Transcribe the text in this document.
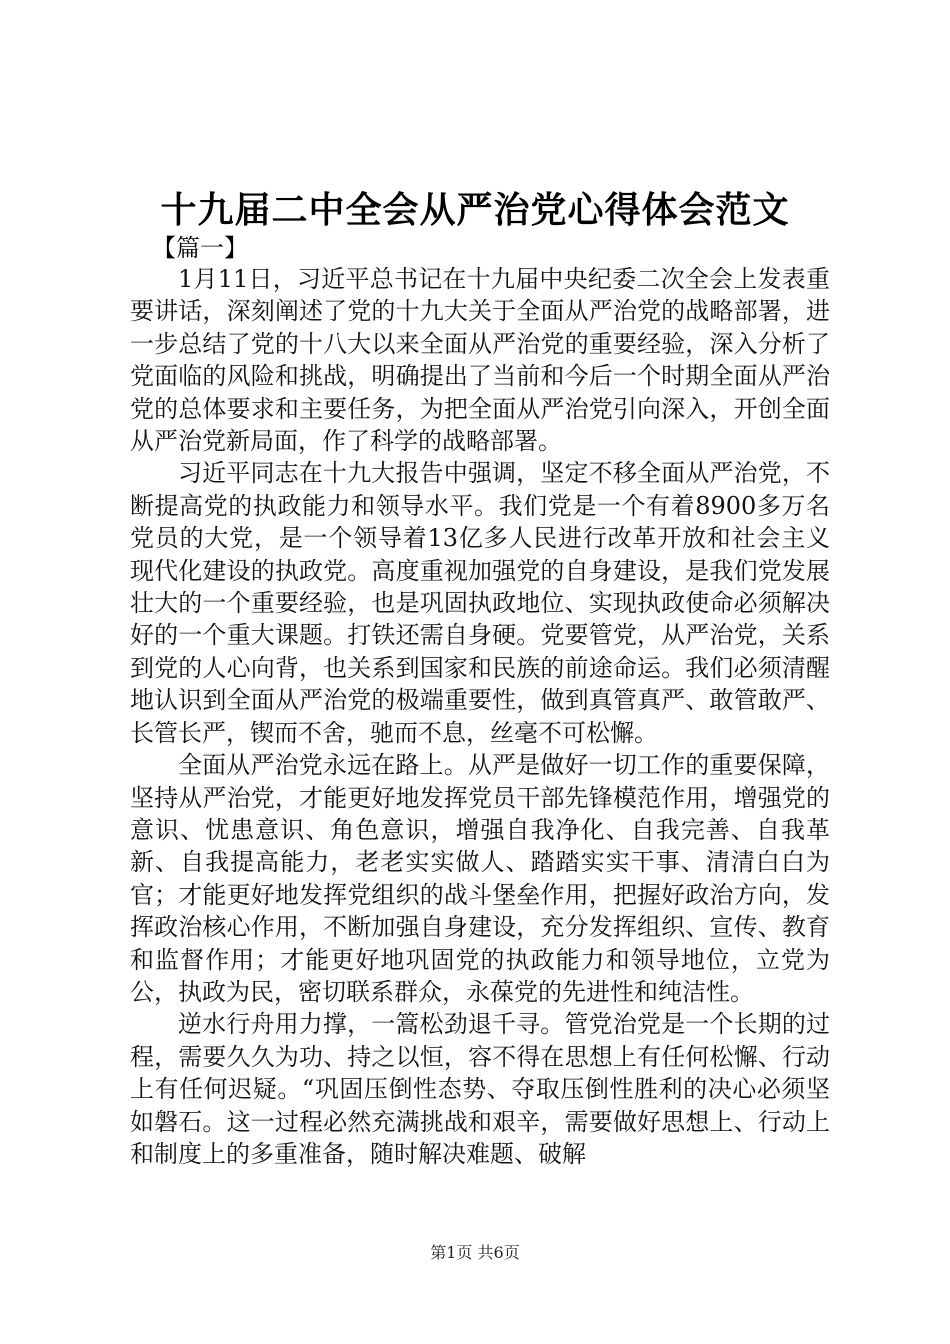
十九届二中全会从严治党心得体会范文
【篇一】

1月11日，习近平总书记在十九届中央纪委二次全会上发表重要讲话，深刻阐述了党的十九大关于全面从严治党的战略部署，进一步总结了党的十八大以来全面从严治党的重要经验，深入分析了党面临的风险和挑战，明确提出了当前和今后一个时期全面从严治党的总体要求和主要任务，为把全面从严治党引向深入，开创全面从严治党新局面，作了科学的战略部署。

习近平同志在十九大报告中强调，坚定不移全面从严治党，不断提高党的执政能力和领导水平。我们党是一个有着8900多万名党员的大党，是一个领导着13亿多人民进行改革开放和社会主义现代化建设的执政党。高度重视加强党的自身建设，是我们党发展壮大的一个重要经验，也是巩固执政地位、实现执政使命必须解决好的一个重大课题。打铁还需自身硬。党要管党，从严治党，关系到党的人心向背，也关系到国家和民族的前途命运。我们必须清醒地认识到全面从严治党的极端重要性，做到真管真严、敢管敢严、长管长严，锲而不舍，驰而不息，丝毫不可松懈。

全面从严治党永远在路上。从严是做好一切工作的重要保障，坚持从严治党，才能更好地发挥党员干部先锋模范作用，增强党的意识、忧患意识、角色意识，增强自我净化、自我完善、自我革新、自我提高能力，老老实实做人、踏踏实实干事、清清白白为官；才能更好地发挥党组织的战斗堡垒作用，把握好政治方向，发挥政治核心作用，不断加强自身建设，充分发挥组织、宣传、教育和监督作用；才能更好地巩固党的执政能力和领导地位，立党为公，执政为民，密切联系群众，永葆党的先进性和纯洁性。

逆水行舟用力撑，一篙松劲退千寻。管党治党是一个长期的过程，需要久久为功、持之以恒，容不得在思想上有任何松懈、行动上有任何迟疑。“巩固压倒性态势、夺取压倒性胜利的决心必须坚如磐石。这一过程必然充满挑战和艰辛，需要做好思想上、行动上和制度上的多重准备，随时解决难题、破解

第1页 共6页
